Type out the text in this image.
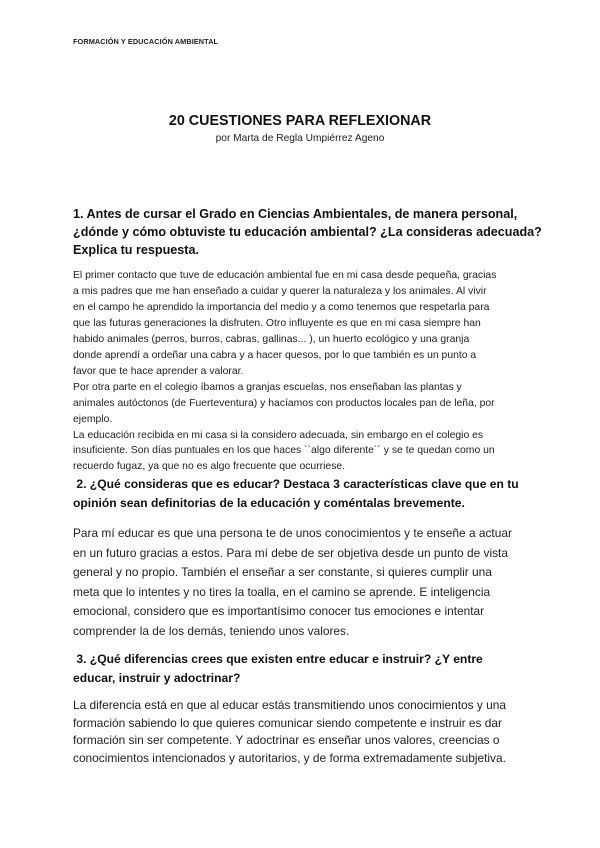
FORMACIÓN Y EDUCACIÓN AMBIENTAL
20 CUESTIONES PARA REFLEXIONAR
por Marta de Regla Umpiérrez Ageno
1. Antes de cursar el Grado en Ciencias Ambientales, de manera personal,
¿dónde y cómo obtuviste tu educación ambiental? ¿La consideras adecuada?
Explica tu respuesta.
El primer contacto que tuve de educación ambiental fue en mi casa desde pequeña, gracias
a mis padres que me han enseñado a cuidar y querer la naturaleza y los animales. Al vivir
en el campo he aprendido la importancia del medio y a como tenemos que respetarla para
que las futuras generaciones la disfruten. Otro influyente es que en mi casa siempre han
habido animales (perros, burros, cabras, gallinas... ), un huerto ecológico y una granja
donde aprendí a ordeñar una cabra y a hacer quesos, por lo que también es un punto a
favor que te hace aprender a valorar.
Por otra parte en el colegio íbamos a granjas escuelas, nos enseñaban las plantas y
animales autóctonos (de Fuerteventura) y hacíamos con productos locales pan de leña, por
ejemplo.
La educación recibida en mi casa si la considero adecuada, sin embargo en el colegio es
insuficiente. Son días puntuales en los que haces ``algo diferente´´ y se te quedan como un
recuerdo fugaz, ya que no es algo frecuente que ocurriese.
2. ¿Qué consideras que es educar? Destaca 3 características clave que en tu
opinión sean definitorias de la educación y coméntalas brevemente.
Para mí educar es que una persona te de unos conocimientos y te enseñe a actuar
en un futuro gracias a estos. Para mí debe de ser objetiva desde un punto de vista
general y no propio. También el enseñar a ser constante, si quieres cumplir una
meta que lo intentes y no tires la toalla, en el camino se aprende. E inteligencia
emocional, considero que es importantísimo conocer tus emociones e intentar
comprender la de los demás, teniendo unos valores.
3. ¿Qué diferencias crees que existen entre educar e instruir? ¿Y entre
educar, instruir y adoctrinar?
La diferencia está en que al educar estás transmitiendo unos conocimientos y una
formación sabiendo lo que quieres comunicar siendo competente e instruir es dar
formación sin ser competente. Y adoctrinar es enseñar unos valores, creencias o
conocimientos intencionados y autoritarios, y de forma extremadamente subjetiva.
